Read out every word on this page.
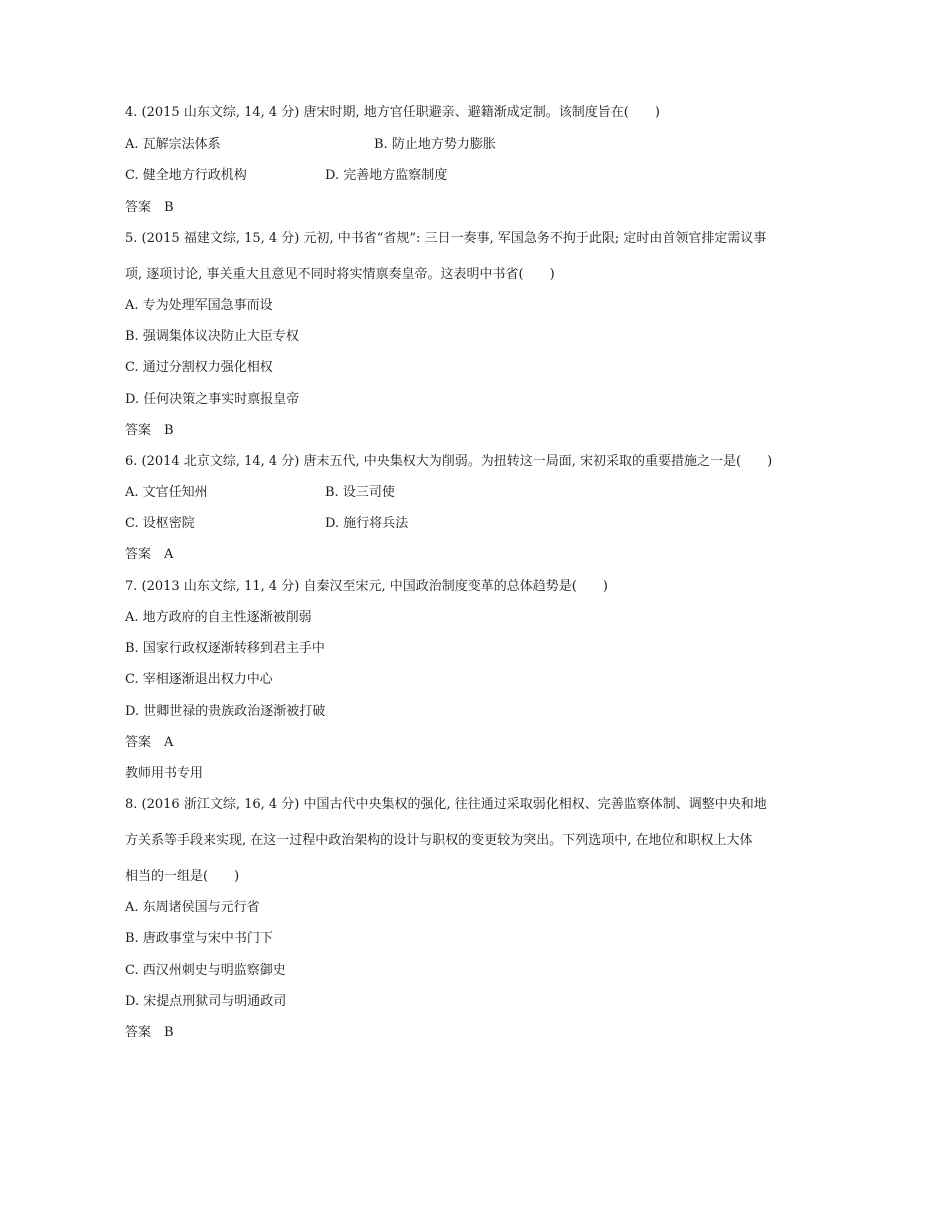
4. (2015 山东文综, 14, 4 分) 唐宋时期, 地方官任职避亲、避籍渐成定制。该制度旨在(　　)
A. 瓦解宗法体系	B. 防止地方势力膨胀
C. 健全地方行政机构	D. 完善地方监察制度
答案　B
5. (2015 福建文综, 15, 4 分) 元初, 中书省“省规”: 三日一奏事, 军国急务不拘于此限; 定时由首领官排定需议事
项, 逐项讨论, 事关重大且意见不同时将实情禀奏皇帝。这表明中书省(　　)
A. 专为处理军国急事而设
B. 强调集体议决防止大臣专权
C. 通过分割权力强化相权
D. 任何决策之事实时禀报皇帝
答案　B
6. (2014 北京文综, 14, 4 分) 唐末五代, 中央集权大为削弱。为扭转这一局面, 宋初采取的重要措施之一是(　　)
A. 文官任知州	B. 设三司使
C. 设枢密院	D. 施行将兵法
答案　A
7. (2013 山东文综, 11, 4 分) 自秦汉至宋元, 中国政治制度变革的总体趋势是(　　)
A. 地方政府的自主性逐渐被削弱
B. 国家行政权逐渐转移到君主手中
C. 宰相逐渐退出权力中心
D. 世卿世禄的贵族政治逐渐被打破
答案　A
教师用书专用
8. (2016 浙江文综, 16, 4 分) 中国古代中央集权的强化, 往往通过采取弱化相权、完善监察体制、调整中央和地
方关系等手段来实现, 在这一过程中政治架构的设计与职权的变更较为突出。下列选项中, 在地位和职权上大体
相当的一组是(　　)
A. 东周诸侯国与元行省
B. 唐政事堂与宋中书门下
C. 西汉州刺史与明监察御史
D. 宋提点刑狱司与明通政司
答案　B
